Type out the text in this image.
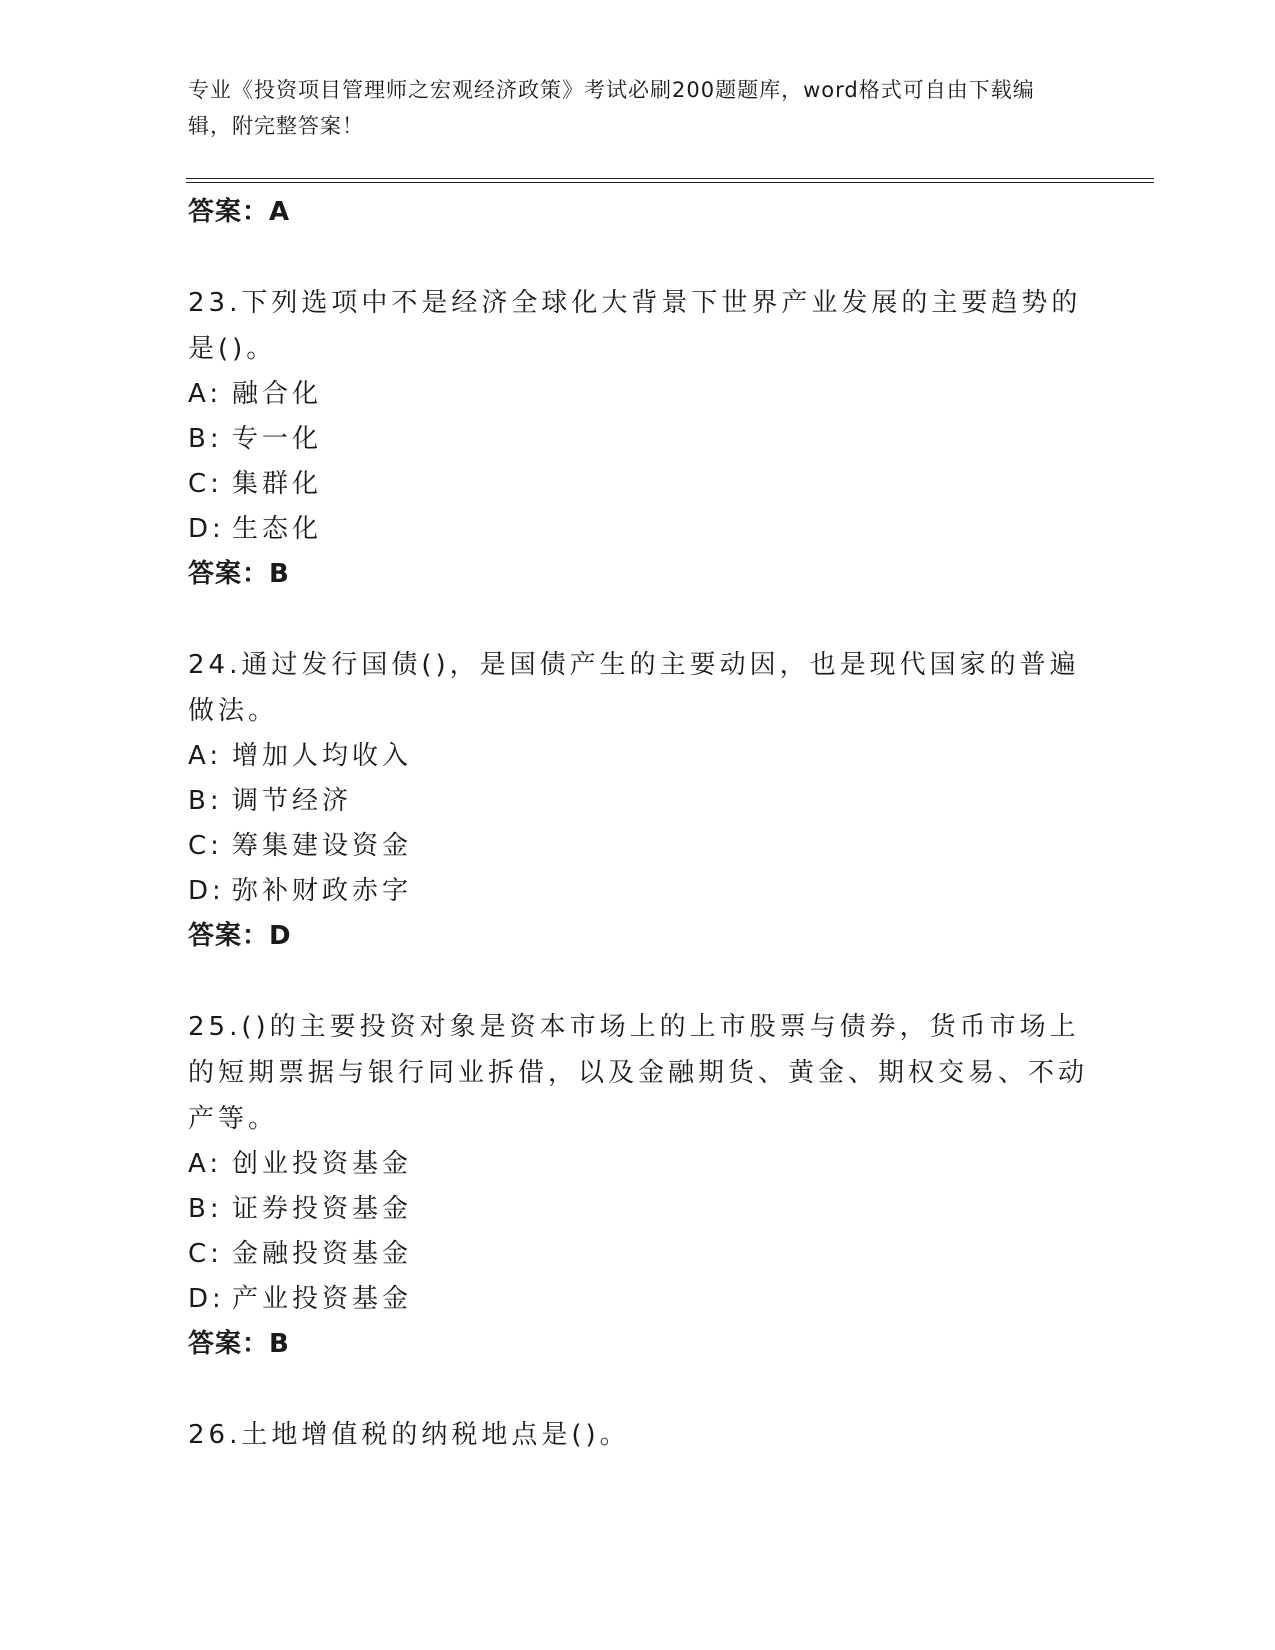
专业《投资项目管理师之宏观经济政策》考试必刷200题题库，word格式可自由下载编辑，附完整答案！
答案：A

23.下列选项中不是经济全球化大背景下世界产业发展的主要趋势的是()。

A: 融合化
B: 专一化
C: 集群化
D: 生态化
答案：B

24.通过发行国债()，是国债产生的主要动因，也是现代国家的普遍做法。

A: 增加人均收入
B: 调节经济
C: 筹集建设资金
D: 弥补财政赤字
答案：D

25.()的主要投资对象是资本市场上的上市股票与债券，货币市场上的短期票据与银行同业拆借，以及金融期货、黄金、期权交易、不动产等。

A: 创业投资基金
B: 证券投资基金
C: 金融投资基金
D: 产业投资基金
答案：B

26.土地增值税的纳税地点是()。
